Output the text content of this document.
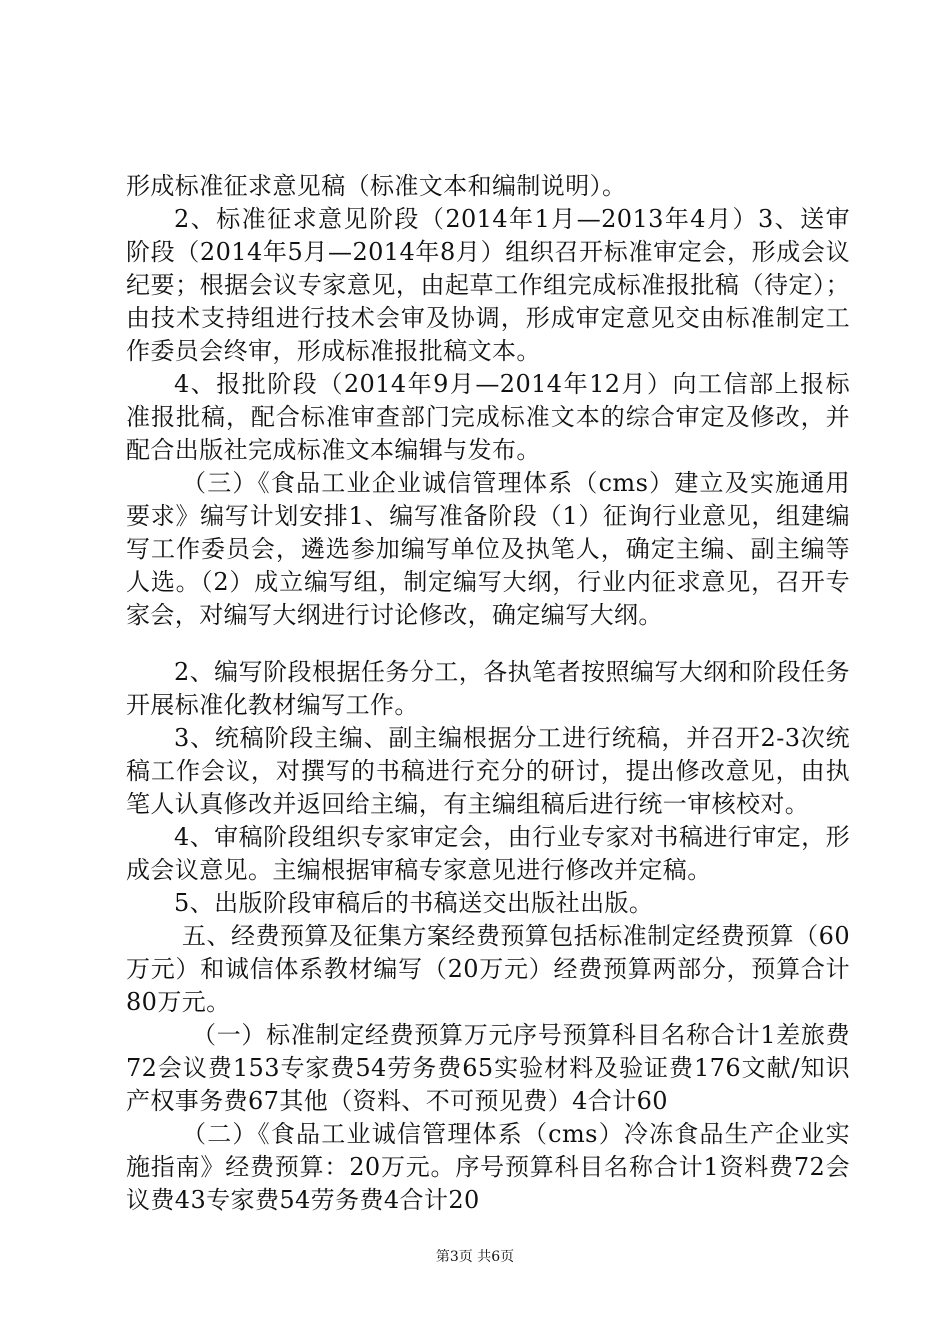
形成标准征求意见稿（标准文本和编制说明）。

2、标准征求意见阶段（2014年1月—2013年4月）3、送审阶段（2014年5月—2014年8月）组织召开标准审定会，形成会议纪要；根据会议专家意见，由起草工作组完成标准报批稿（待定）；由技术支持组进行技术会审及协调，形成审定意见交由标准制定工作委员会终审，形成标准报批稿文本。

4、报批阶段（2014年9月—2014年12月）向工信部上报标准报批稿，配合标准审查部门完成标准文本的综合审定及修改，并配合出版社完成标准文本编辑与发布。

（三）《食品工业企业诚信管理体系（cms）建立及实施通用要求》编写计划安排1、编写准备阶段（1）征询行业意见，组建编写工作委员会，遴选参加编写单位及执笔人，确定主编、副主编等人选。（2）成立编写组，制定编写大纲，行业内征求意见，召开专家会，对编写大纲进行讨论修改，确定编写大纲。

2、编写阶段根据任务分工，各执笔者按照编写大纲和阶段任务开展标准化教材编写工作。

3、统稿阶段主编、副主编根据分工进行统稿，并召开2-3次统稿工作会议，对撰写的书稿进行充分的研讨，提出修改意见，由执笔人认真修改并返回给主编，有主编组稿后进行统一审核校对。

4、审稿阶段组织专家审定会，由行业专家对书稿进行审定，形成会议意见。主编根据审稿专家意见进行修改并定稿。

5、出版阶段审稿后的书稿送交出版社出版。

五、经费预算及征集方案经费预算包括标准制定经费预算（60万元）和诚信体系教材编写（20万元）经费预算两部分，预算合计80万元。

（一）标准制定经费预算万元序号预算科目名称合计1差旅费72会议费153专家费54劳务费65实验材料及验证费176文献/知识产权事务费67其他（资料、不可预见费）4合计60

（二）《食品工业诚信管理体系（cms）冷冻食品生产企业实施指南》经费预算：20万元。序号预算科目名称合计1资料费72会议费43专家费54劳务费4合计20

第3页 共6页
